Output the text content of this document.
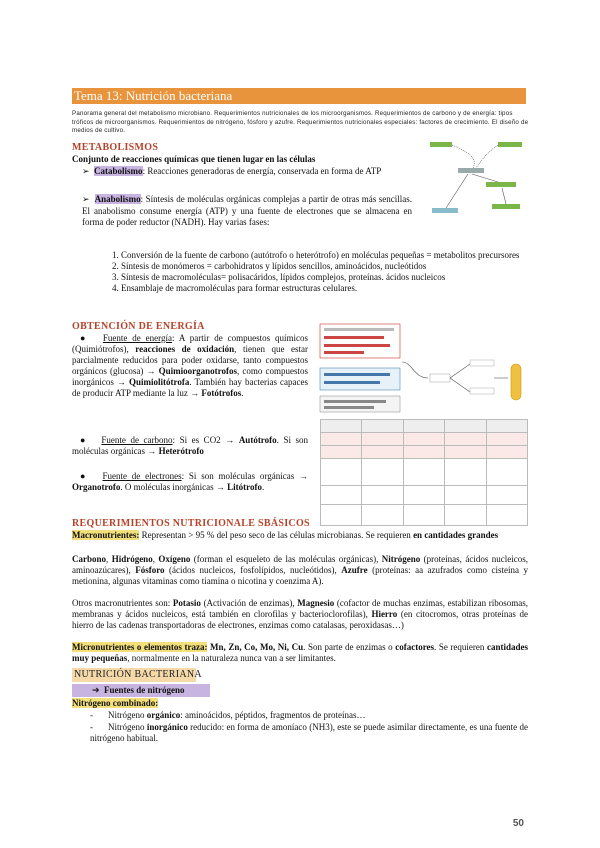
Tema 13: Nutrición bacteriana
Panorama general del metabolismo microbiano. Requerimientos nutricionales de los microorganismos. Requerimientos de carbono y de energía: tipos tróficos de microorganismos. Requerimientos de nitrógeno, fósforo y azufre. Requerimientos nutricionales especiales: factores de crecimiento. El diseño de medios de cultivo.
METABOLISMOS
Conjunto de reacciones químicas que tienen lugar en las células
➢ Catabolismo: Reacciones generadoras de energía, conservada en forma de ATP
➢ Anabolismo: Síntesis de moléculas orgánicas complejas a partir de otras más sencillas. El anabolismo consume energía (ATP) y una fuente de electrones que se almacena en forma de poder reductor (NADH). Hay varias fases:
1. Conversión de la fuente de carbono (autótrofo o heterótrofo) en moléculas pequeñas = metabolitos precursores
2. Síntesis de monómeros = carbohidratos y lípidos sencillos, aminoácidos, nucleótidos
3. Síntesis de macromoléculas= polisacáridos, lípidos complejos, proteínas. ácidos nucleicos
4. Ensamblaje de macromoléculas para formar estructuras celulares.
OBTENCIÓN DE ENERGÍA
● Fuente de energía: A partir de compuestos químicos (Quimiótrofos), reacciones de oxidación, tienen que estar parcialmente reducidos para poder oxidarse, tanto compuestos orgánicos (glucosa) → Quimioorganotrofos, como compuestos inorgánicos → Quimiolitótrofa. También hay bacterias capaces de producir ATP mediante la luz → Fotótrofos.
● Fuente de carbono: Si es CO2 → Autótrofo. Si son moléculas orgánicas → Heterótrofo
● Fuente de electrones: Si son moléculas orgánicas → Organotrofo. O moléculas inorgánicas → Litótrofo.

REQUERIMIENTOS NUTRICIONALE SBÁSICOS
Macronutrientes: Representan > 95 % del peso seco de las células microbianas. Se requieren en cantidades grandes
Carbono, Hidrógeno, Oxígeno (forman el esqueleto de las moléculas orgánicas), Nitrógeno (proteínas, ácidos nucleicos, aminoazúcares), Fósforo (ácidos nucleicos, fosfolípidos, nucleótidos), Azufre (proteínas: aa azufrados como cisteína y metionina, algunas vitaminas como tiamina o nicotina y coenzima A).
Otros macronutrientes son: Potasio (Activación de enzimas), Magnesio (cofactor de muchas enzimas, estabilizan ribosomas, membranas y ácidos nucleicos, está también en clorofilas y bacterioclorofilas), Hierro (en citocromos, otras proteínas de hierro de las cadenas transportadoras de electrones, enzimas como catalasas, peroxidasas…)
Micronutrientes o elementos traza: Mn, Zn, Co, Mo, Ni, Cu. Son parte de enzimas o cofactores. Se requieren cantidades muy pequeñas, normalmente en la naturaleza nunca van a ser limitantes.
NUTRICIÓN BACTERIANA
➔ Fuentes de nitrógeno
Nitrógeno combinado:
- Nitrógeno orgánico: aminoácidos, péptidos, fragmentos de proteínas…
- Nitrógeno inorgánico reducido: en forma de amoníaco (NH3), este se puede asimilar directamente, es una fuente de nitrógeno habitual.
50
